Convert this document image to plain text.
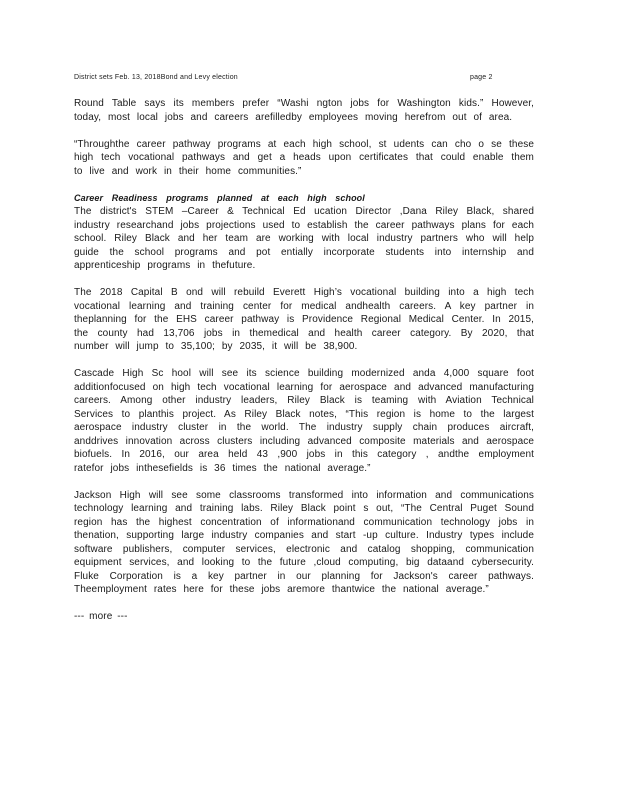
District sets Feb. 13, 2018Bond and Levy election	page 2

Round Table says its members prefer “Washi ngton jobs for Washington kids.” However, today, most local jobs and careers arefilledby employees moving herefrom out of area.

“Throughthe career pathway programs at each high school, st udents can cho o se these high tech vocational pathways and get a heads upon certificates that could enable them to live and work in their home communities.”

Career Readiness programs planned at each high school
The district's STEM –Career & Technical Ed ucation Director ,Dana Riley Black, shared industry researchand jobs projections used to establish the career pathways plans for each school. Riley Black and her team are working with local industry partners who will help guide the school programs and pot entially incorporate students into internship and apprenticeship programs in thefuture.

The 2018 Capital B ond will rebuild Everett High’s vocational building into a high tech vocational learning and training center for medical andhealth careers. A key partner in theplanning for the EHS career pathway is Providence Regional Medical Center. In 2015, the county had 13,706 jobs in themedical and health career category. By 2020, that number will jump to 35,100; by 2035, it will be 38,900.

Cascade High Sc hool will see its science building modernized anda 4,000 square foot additionfocused on high tech vocational learning for aerospace and advanced manufacturing careers. Among other industry leaders, Riley Black is teaming with Aviation Technical Services to planthis project. As Riley Black notes, “This region is home to the largest aerospace industry cluster in the world. The industry supply chain produces aircraft, anddrives innovation across clusters including advanced composite materials and aerospace biofuels. In 2016, our area held 43 ,900 jobs in this category , andthe employment ratefor jobs inthesefields is 36 times the national average.”

Jackson High will see some classrooms transformed into information and communications technology learning and training labs. Riley Black point s out, “The Central Puget Sound region has the highest concentration of informationand communication technology jobs in thenation, supporting large industry companies and start -up culture. Industry types include software publishers, computer services, electronic and catalog shopping, communication equipment services, and looking to the future ,cloud computing, big dataand cybersecurity. Fluke Corporation is a key partner in our planning for Jackson's career pathways. Theemployment rates here for these jobs aremore thantwice the national average.”

--- more ---
